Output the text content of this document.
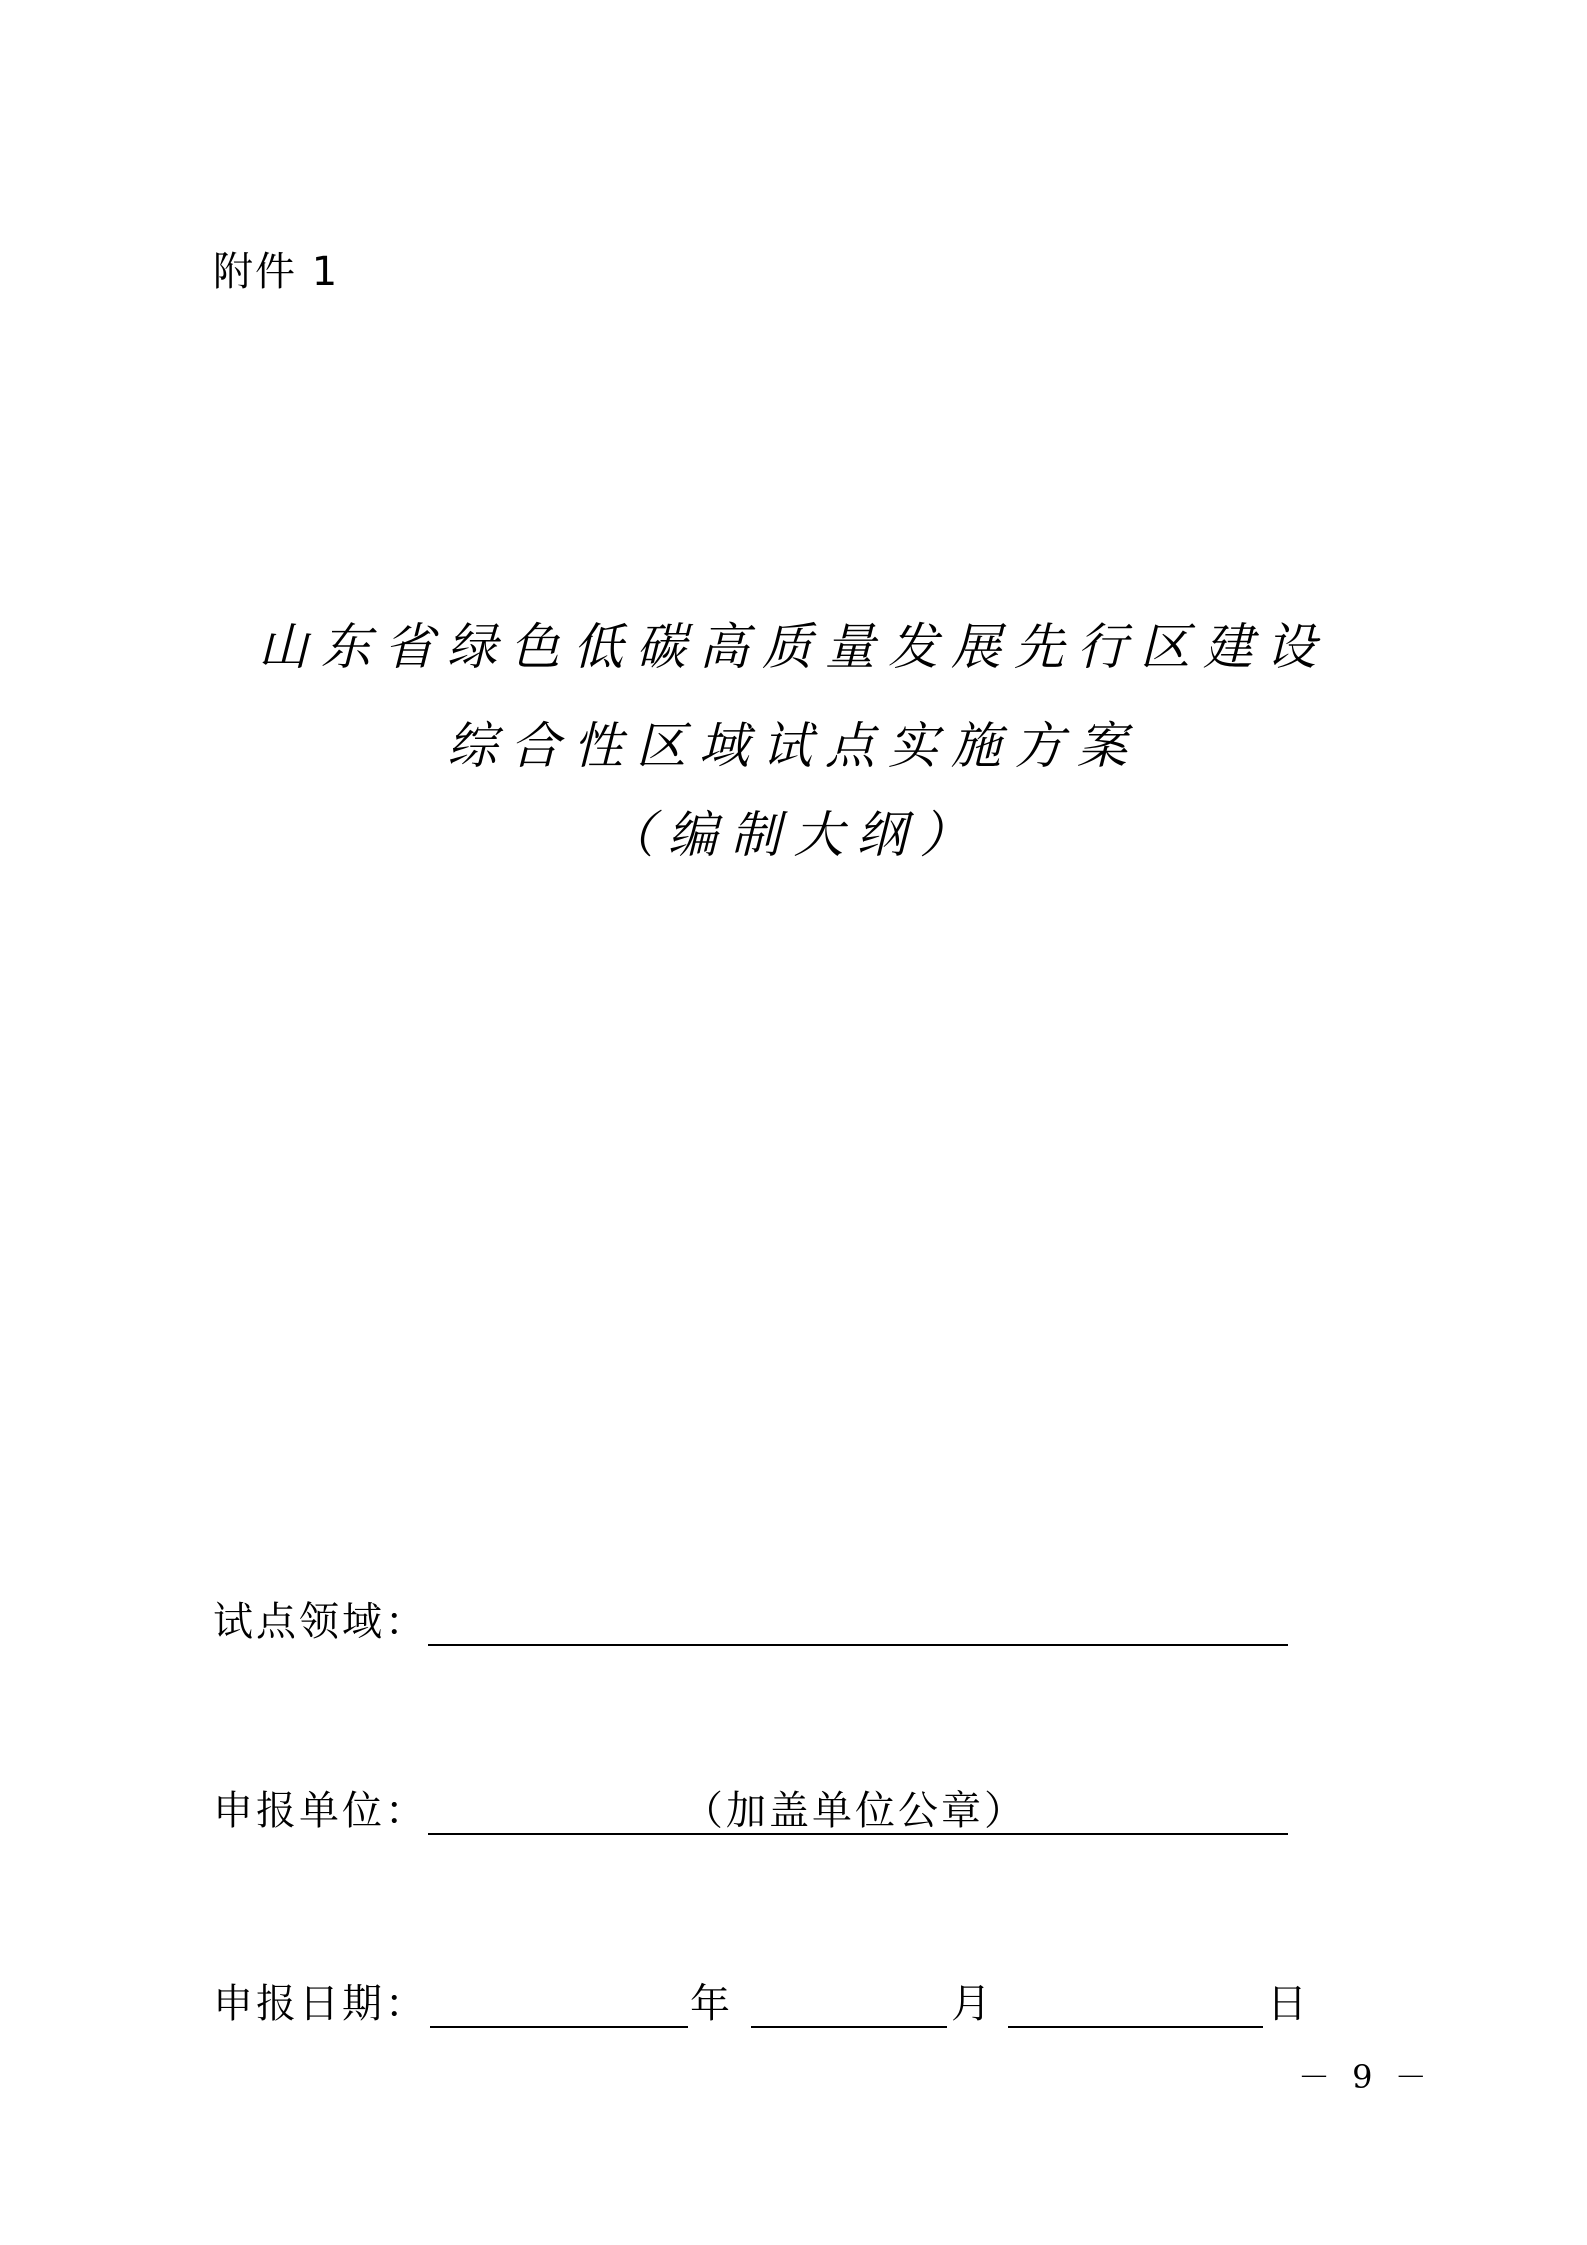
附件 1
山东省绿色低碳高质量发展先行区建设
综合性区域试点实施方案
（编制大纲）
试点领域：
申报单位：	（加盖单位公章）
申报日期：	年	月	日
－ 9 －
